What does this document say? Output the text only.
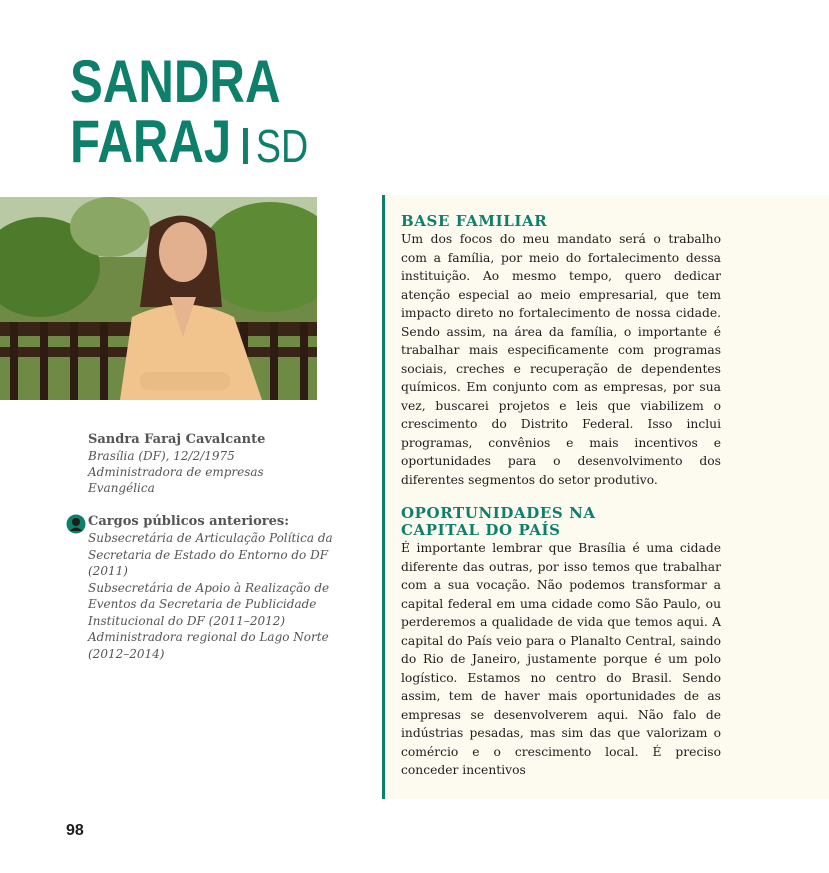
SANDRA
FARAJ SD
Sandra Faraj Cavalcante
Brasília (DF), 12/2/1975
Administradora de empresas
Evangélica
Cargos públicos anteriores:
Subsecretária de Articulação Política da
Secretaria de Estado do Entorno do DF (2011)
Subsecretária de Apoio à Realização de
Eventos da Secretaria de Publicidade
Institucional do DF (2011–2012)
Administradora regional do Lago Norte
(2012–2014)
BASE FAMILIAR

Um dos focos do meu mandato será o trabalho com a família, por meio do fortalecimento dessa instituição. Ao mesmo tempo, quero dedicar atenção especial ao meio empresarial, que tem impacto direto no fortalecimento de nossa cidade. Sendo assim, na área da família, o importante é trabalhar mais especificamente com programas sociais, creches e recuperação de dependentes químicos. Em conjunto com as empresas, por sua vez, buscarei projetos e leis que viabilizem o crescimento do Distrito Federal. Isso inclui programas, convênios e mais incentivos e oportunidades para o desenvolvimento dos diferentes segmentos do setor produtivo.

OPORTUNIDADES NA
CAPITAL DO PAÍS

É importante lembrar que Brasília é uma cidade diferente das outras, por isso temos que trabalhar com a sua vocação. Não podemos transformar a capital federal em uma cidade como São Paulo, ou perderemos a qualidade de vida que temos aqui. A capital do País veio para o Planalto Central, saindo do Rio de Janeiro, justamente porque é um polo logístico. Estamos no centro do Brasil. Sendo assim, tem de haver mais oportunidades de as empresas se desenvolverem aqui. Não falo de indústrias pesadas, mas sim das que valorizam o comércio e o crescimento local. É preciso conceder incentivos

98
